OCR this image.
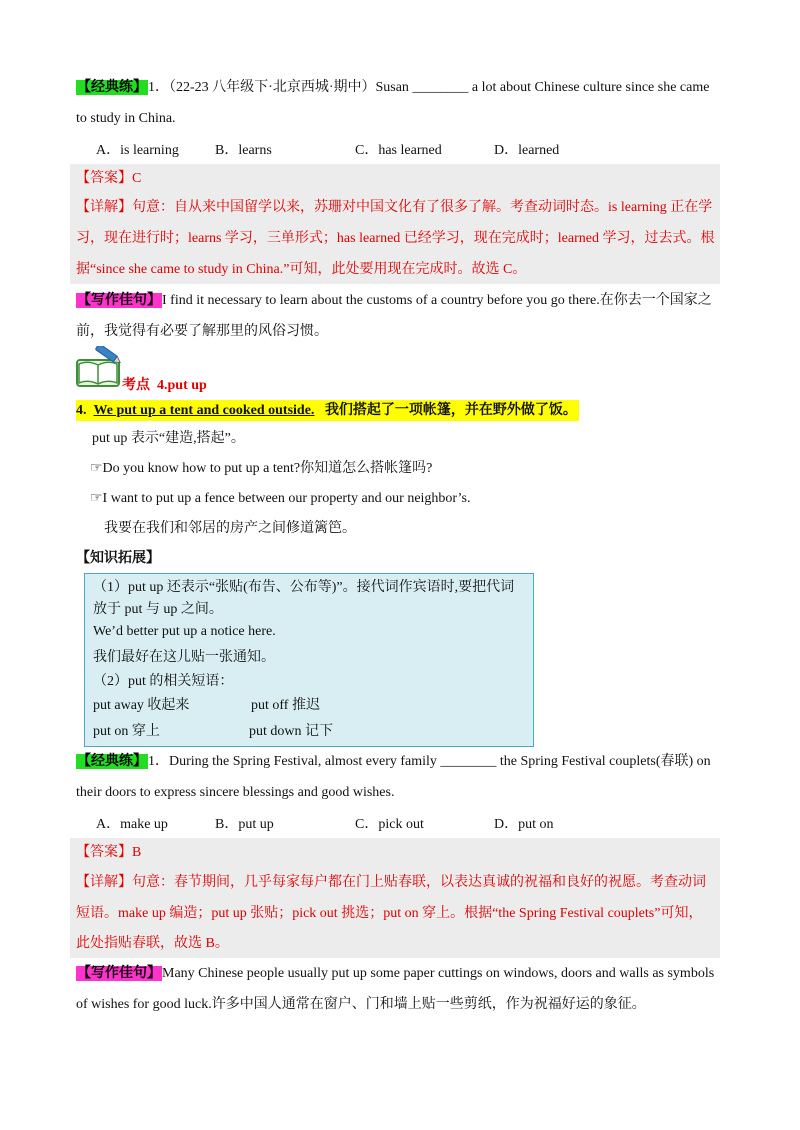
【经典练】1．（22-23 八年级下·北京西城·期中）Susan ________ a lot about Chinese culture since she came
to study in China.
A．is learning	B．learns	C．has learned	D．learned
【答案】C
【详解】句意：自从来中国留学以来，苏珊对中国文化有了很多了解。考查动词时态。is learning 正在学
习，现在进行时；learns 学习，三单形式；has learned 已经学习，现在完成时；learned 学习，过去式。根
据“since she came to study in China.”可知，此处要用现在完成时。故选 C。
【写作佳句】I find it necessary to learn about the customs of a country before you go there.在你去一个国家之
前，我觉得有必要了解那里的风俗习惯。
考点 4.put up
4. We put up a tent and cooked outside. 我们搭起了一项帐篷，并在野外做了饭。
put up 表示“建造,搭起”。
☞Do you know how to put up a tent?你知道怎么搭帐篷吗?
☞I want to put up a fence between our property and our neighbor’s.
我要在我们和邻居的房产之间修道篱笆。
【知识拓展】
（1）put up 还表示“张贴(布告、公布等)”。接代词作宾语时,要把代词
放于 put 与 up 之间。
We’d better put up a notice here.
我们最好在这儿贴一张通知。
（2）put 的相关短语：
put away 收起来	put off 推迟
put on 穿上	put down 记下
【经典练】1．During the Spring Festival, almost every family ________ the Spring Festival couplets(春联) on
their doors to express sincere blessings and good wishes.
A．make up	B．put up	C．pick out	D．put on
【答案】B
【详解】句意：春节期间，几乎每家每户都在门上贴春联，以表达真诚的祝福和良好的祝愿。考查动词
短语。make up 编造；put up 张贴；pick out 挑选；put on 穿上。根据“the Spring Festival couplets”可知，
此处指贴春联，故选 B。
【写作佳句】Many Chinese people usually put up some paper cuttings on windows, doors and walls as symbols
of wishes for good luck.许多中国人通常在窗户、门和墙上贴一些剪纸，作为祝福好运的象征。
